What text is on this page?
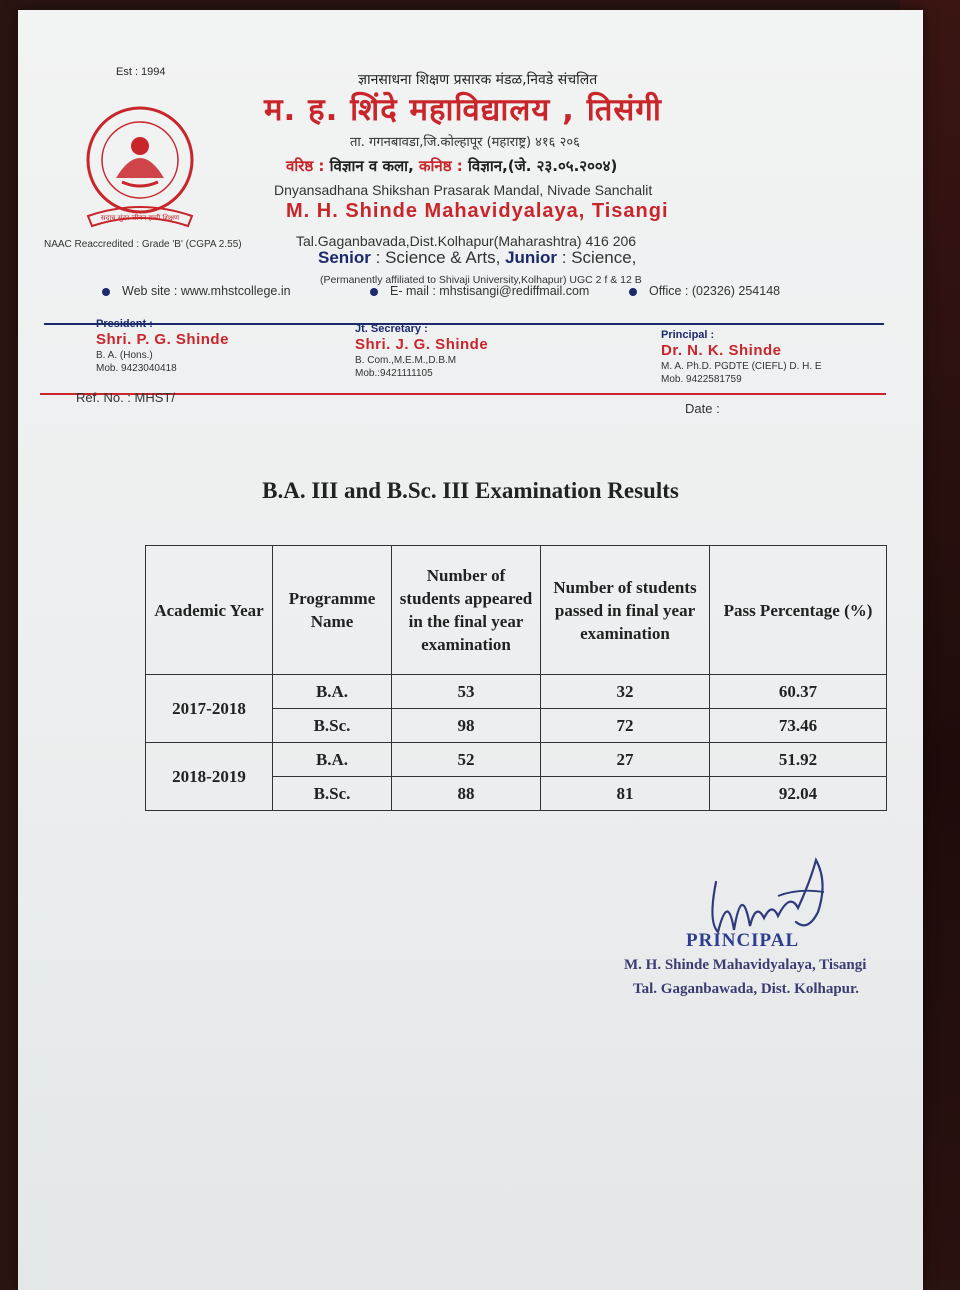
Est : 1994	ज्ञानसाधना शिक्षण प्रसारक मंडळ,निवडे संचलित
म. ह. शिंदे महाविद्यालय , तिसंगी
ता. गगनबावडा,जि.कोल्हापूर (महाराष्ट्र) ४१६ २०६
वरिष्ठ : विज्ञान व कला, कनिष्ठ : विज्ञान,(जे. २३.०५.२००४)
Dnyansadhana Shikshan Prasarak Mandal, Nivade Sanchalit
M. H. Shinde Mahavidyalaya, Tisangi
Tal.Gaganbavada,Dist.Kolhapur(Maharashtra) 416 206
Senior : Science & Arts, Junior : Science,
(Permanently affiliated to Shivaji University,Kolhapur) UGC 2 f & 12 B
NAAC Reaccredited : Grade 'B' (CGPA 2.55)
सदाच सुंदर जीवन हाची शिक्षण
Web site : www.mhstcollege.in	E- mail : mhstisangi@rediffmail.com	Office : (02326) 254148
President :
Shri. P. G. Shinde
B. A. (Hons.)
Mob. 9423040418
Jt. Secretary :
Shri. J. G. Shinde
B. Com.,M.E.M.,D.B.M
Mob.:9421111105
Principal :
Dr. N. K. Shinde
M. A. Ph.D. PGDTE (CIEFL) D. H. E
Mob. 9422581759
Ref. No. : MHST/
Date :
B.A. III and B.Sc. III Examination Results
Academic Year	Programme Name	Number of students appeared in the final year examination	Number of students passed in final year examination	Pass Percentage (%)
2017-2018	B.A.	53	32	60.37
	B.Sc.	98	72	73.46
2018-2019	B.A.	52	27	51.92
	B.Sc.	88	81	92.04
PRINCIPAL
M. H. Shinde Mahavidyalaya, Tisangi
Tal. Gaganbawada, Dist. Kolhapur.
